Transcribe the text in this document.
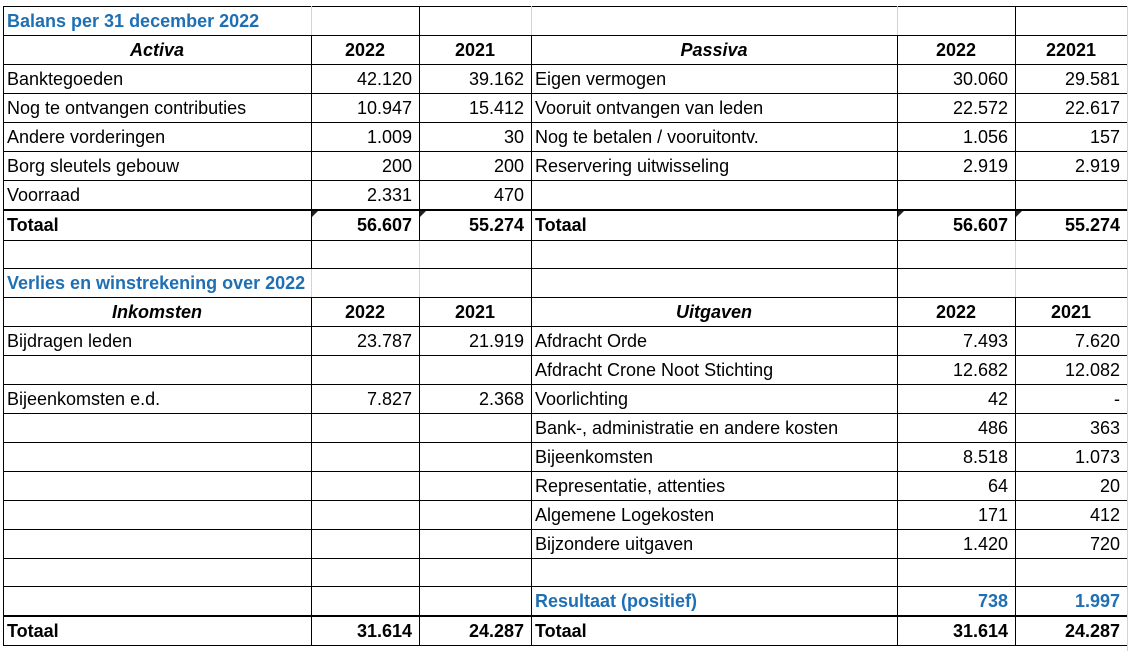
Balans per 31 december 2022					
Activa	2022	2021	Passiva	2022	22021
Banktegoeden	42.120	39.162	Eigen vermogen	30.060	29.581
Nog te ontvangen contributies	10.947	15.412	Vooruit ontvangen van leden	22.572	22.617
Andere vorderingen	1.009	30	Nog te betalen / vooruitontv.	1.056	157
Borg sleutels gebouw	200	200	Reservering uitwisseling	2.919	2.919
Voorraad	2.331	470			
Totaal	56.607	55.274	Totaal	56.607	55.274

Verlies en winstrekening over 2022					
Inkomsten	2022	2021	Uitgaven	2022	2021
Bijdragen leden	23.787	21.919	Afdracht Orde	7.493	7.620
			Afdracht Crone Noot Stichting	12.682	12.082
Bijeenkomsten e.d.	7.827	2.368	Voorlichting	42	-
			Bank-, administratie en andere kosten	486	363
			Bijeenkomsten	8.518	1.073
			Representatie, attenties	64	20
			Algemene Logekosten	171	412
			Bijzondere uitgaven	1.420	720

			Resultaat (positief)	738	1.997
Totaal	31.614	24.287	Totaal	31.614	24.287
